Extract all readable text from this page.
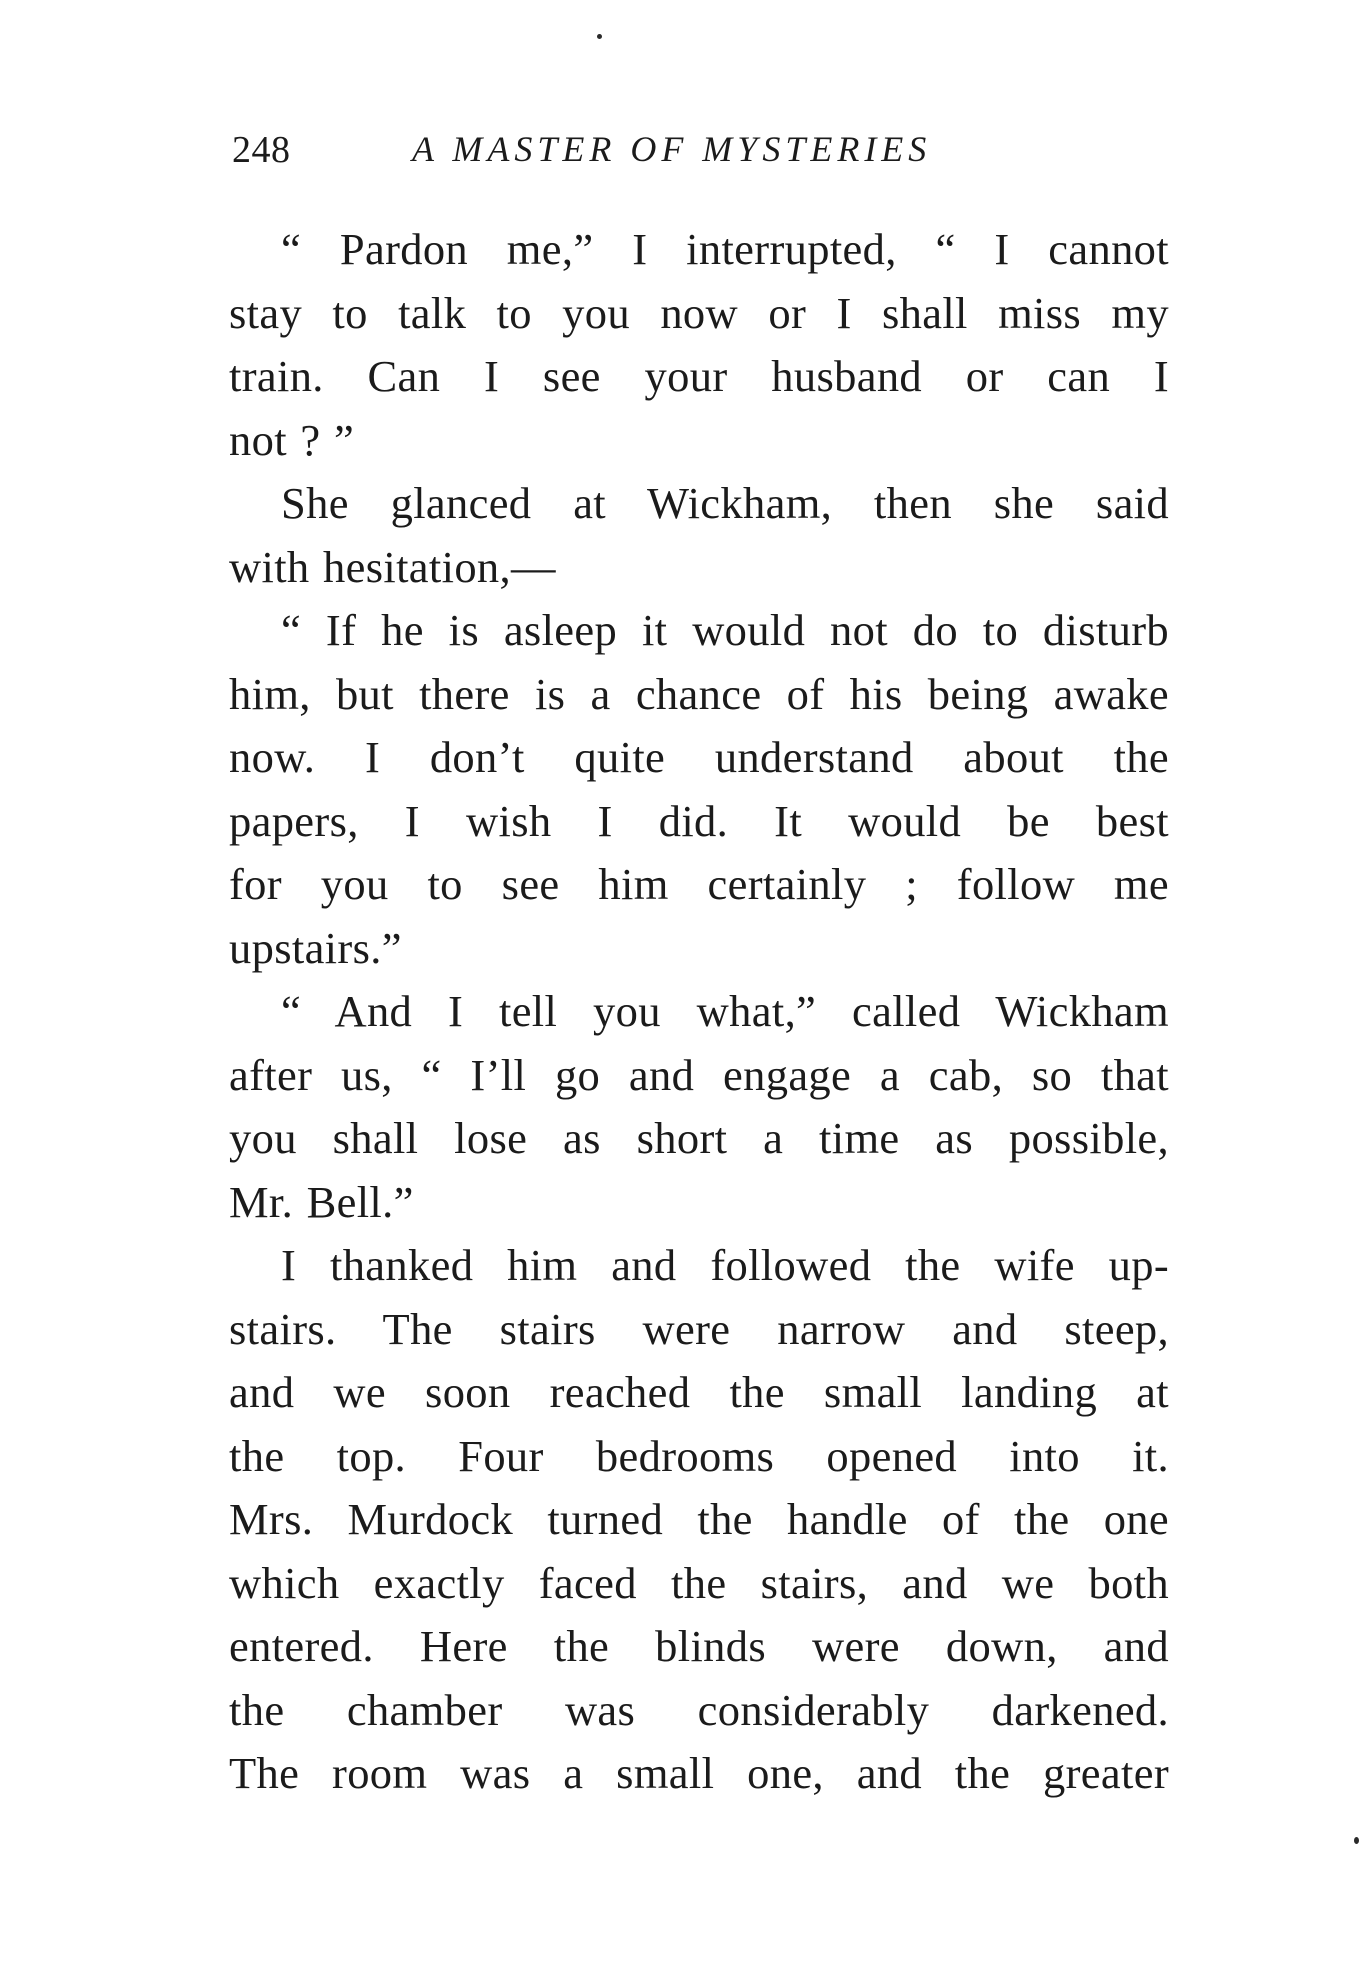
248	A MASTER OF MYSTERIES
“ Pardon me,” I interrupted, “ I cannot
stay to talk to you now or I shall miss my
train. Can I see your husband or can I
not ? ”
She glanced at Wickham, then she said
with hesitation,—
“ If he is asleep it would not do to disturb
him, but there is a chance of his being awake
now. I don’t quite understand about the
papers, I wish I did. It would be best
for you to see him certainly ; follow me
upstairs.”
“ And I tell you what,” called Wickham
after us, “ I’ll go and engage a cab, so that
you shall lose as short a time as possible,
Mr. Bell.”
I thanked him and followed the wife up-
stairs. The stairs were narrow and steep,
and we soon reached the small landing at
the top. Four bedrooms opened into it.
Mrs. Murdock turned the handle of the one
which exactly faced the stairs, and we both
entered. Here the blinds were down, and
the chamber was considerably darkened.
The room was a small one, and the greater
